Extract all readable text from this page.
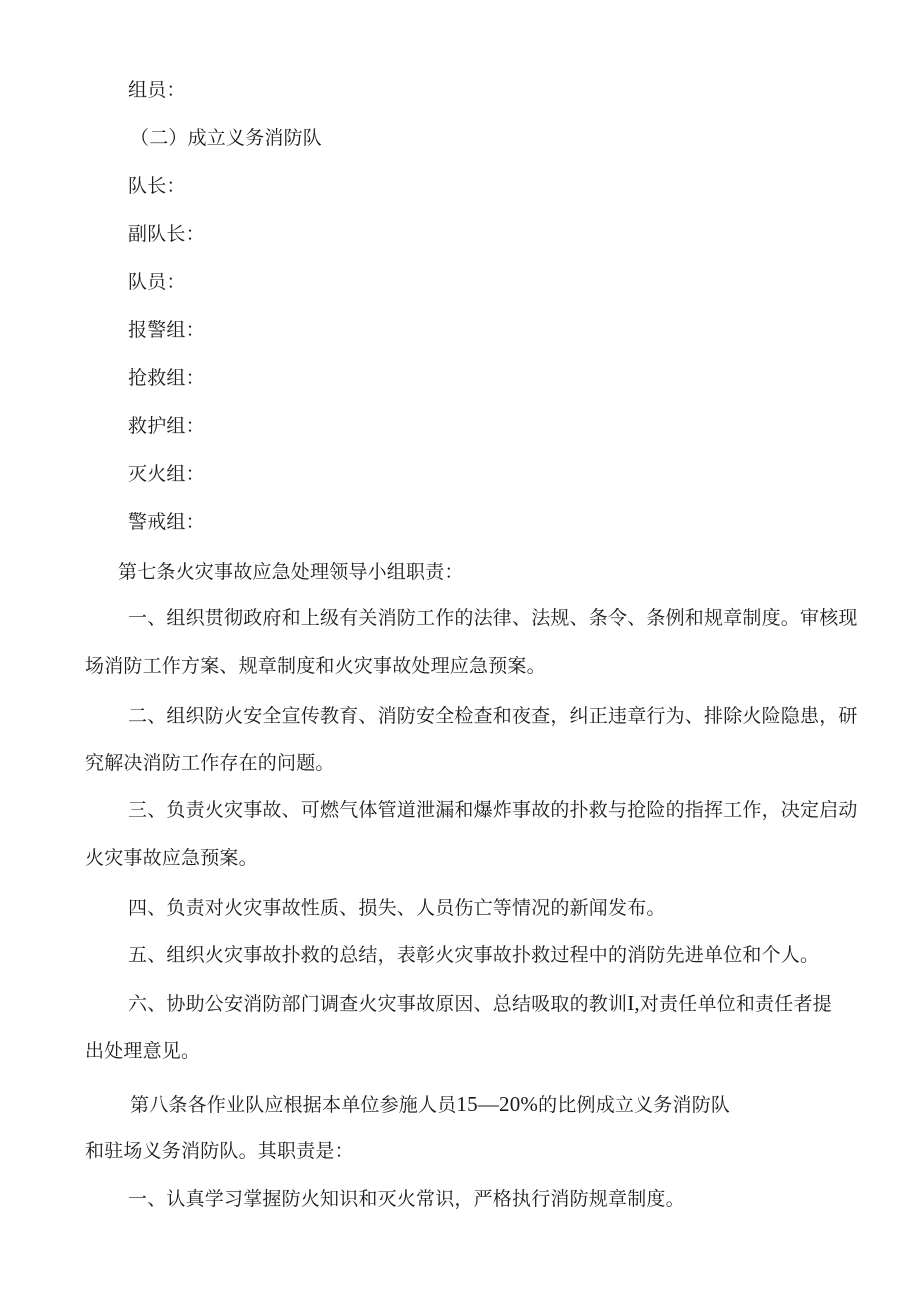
组员：
（二）成立义务消防队
队长：
副队长：
队员：
报警组：
抢救组：
救护组：
灭火组：
警戒组：
第七条火灾事故应急处理领导小组职责：
一、组织贯彻政府和上级有关消防工作的法律、法规、条令、条例和规章制度。审核现
场消防工作方案、规章制度和火灾事故处理应急预案。
二、组织防火安全宣传教育、消防安全检查和夜查，纠正违章行为、排除火险隐患，研
究解决消防工作存在的问题。
三、负责火灾事故、可燃气体管道泄漏和爆炸事故的扑救与抢险的指挥工作，决定启动
火灾事故应急预案。
四、负责对火灾事故性质、损失、人员伤亡等情况的新闻发布。
五、组织火灾事故扑救的总结，表彰火灾事故扑救过程中的消防先进单位和个人。
六、协助公安消防部门调查火灾事故原因、总结吸取的教训I,对责任单位和责任者提
出处理意见。
第八条各作业队应根据本单位参施人员15—20%的比例成立义务消防队
和驻场义务消防队。其职责是：
一、认真学习掌握防火知识和灭火常识，严格执行消防规章制度。
